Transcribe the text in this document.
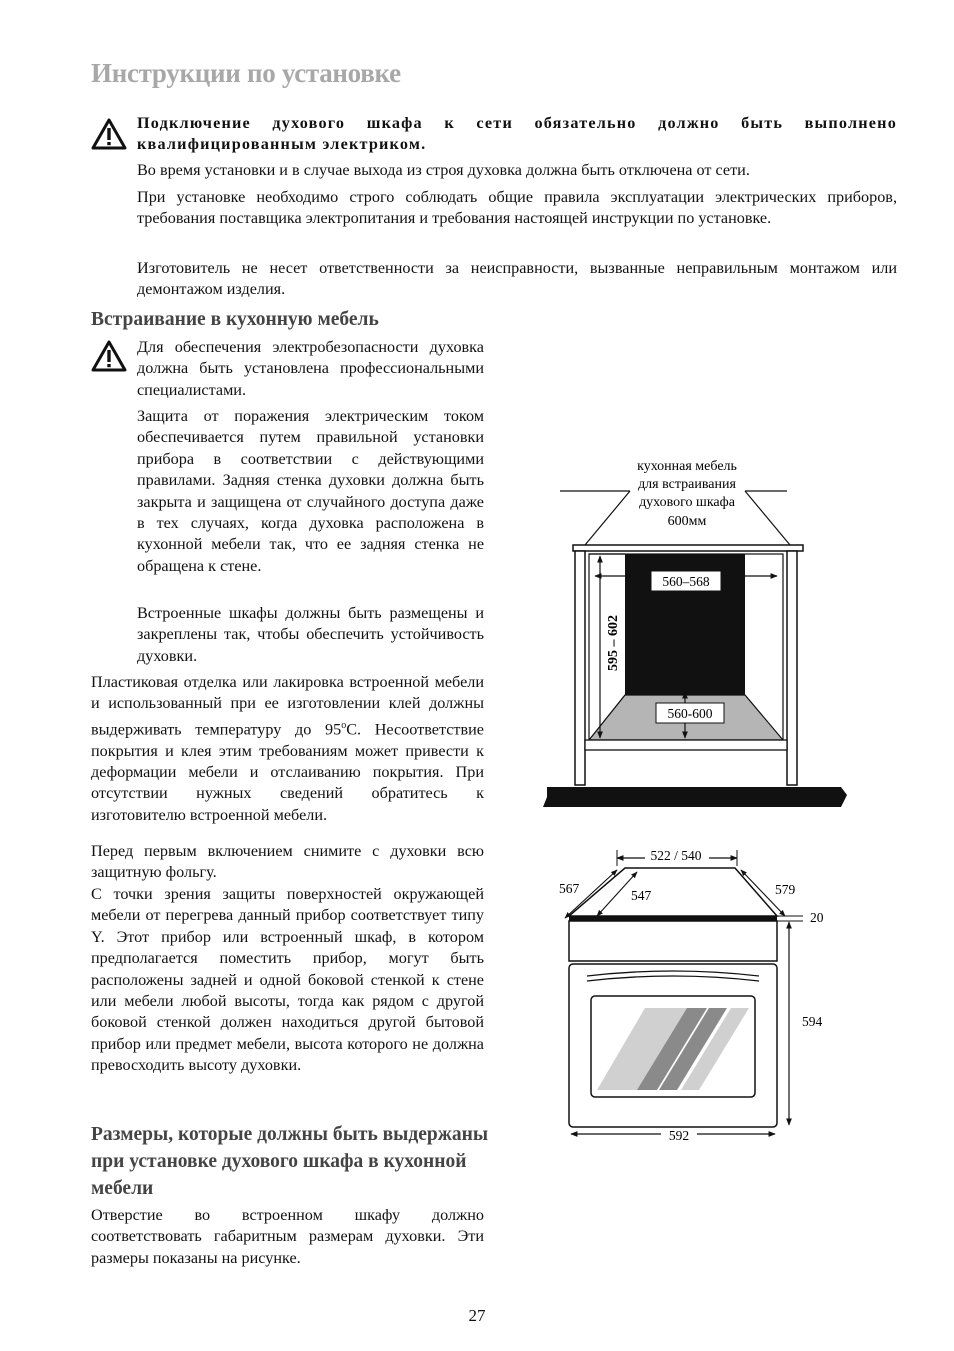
Инструкции по установке

Подключение духового шкафа к сети обязательно должно быть выполнено квалифицированным электриком.

Во время установки и в случае выхода из строя духовка должна быть отключена от сети.

При установке необходимо строго соблюдать общие правила эксплуатации электрических приборов, требования поставщика электропитания и требования настоящей инструкции по установке.

Изготовитель не несет ответственности за неисправности, вызванные неправильным монтажом или демонтажом изделия.

Встраивание в кухонную мебель

Для обеспечения электробезопасности духовка должна быть установлена профессиональными специалистами.

Защита от поражения электрическим током обеспечивается путем правильной установки прибора в соответствии с действующими правилами. Задняя стенка духовки должна быть закрыта и защищена от случайного доступа даже в тех случаях, когда духовка расположена в кухонной мебели так, что ее задняя стенка не обращена к стене.

Встроенные шкафы должны быть размещены и закреплены так, чтобы обеспечить устойчивость духовки.

Пластиковая отделка или лакировка встроенной мебели и использованный при ее изготовлении клей должны выдерживать температуру до 95$^o$С. Несоответствие покрытия и клея этим требованиям может привести к деформации мебели и отслаиванию покрытия. При отсутствии нужных сведений обратитесь к изготовителю встроенной мебели.

Перед первым включением снимите с духовки всю защитную фольгу.

С точки зрения защиты поверхностей окружающей мебели от перегрева данный прибор соответствует типу Y. Этот прибор или встроенный шкаф, в котором предполагается поместить прибор, могут быть расположены задней и одной боковой стенкой к стене или мебели любой высоты, тогда как рядом с другой боковой стенкой должен находиться другой бытовой прибор или предмет мебели, высота которого не должна превосходить высоту духовки.

Размеры, которые должны быть выдержаны при установке духового шкафа в кухонной мебели

Отверстие во встроенном шкафу должно соответствовать габаритным размерам духовки. Эти размеры показаны на рисунке.

кухонная мебель
для встраивания
духового шкафа
600мм
560–568
560-600
595 – 602
522 / 540
567	547	579
20
594
592
27
